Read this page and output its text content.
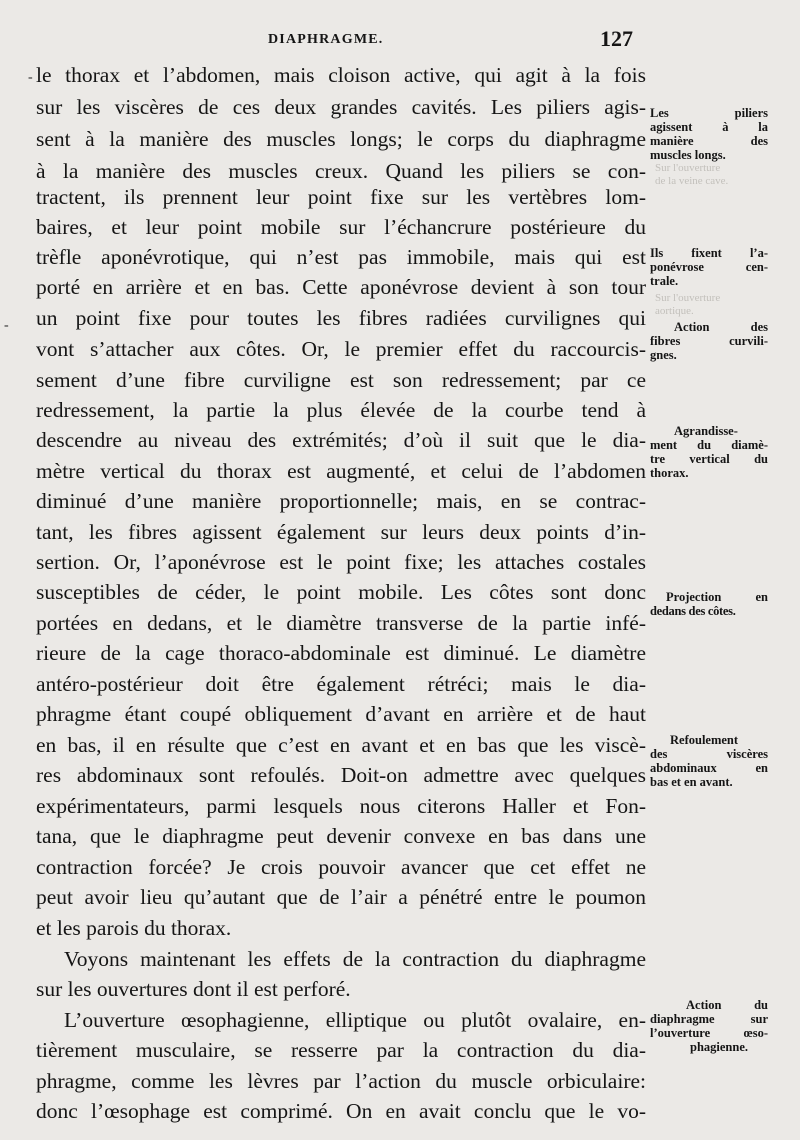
DIAPHRAGME.	127
-
-
Sur l'ouverture
de la veine cave.
Sur l'ouverture
aortique.
le thorax et l’abdomen, mais cloison active, qui agit à la fois
sur les viscères de ces deux grandes cavités. Les piliers agis-
sent à la manière des muscles longs; le corps du diaphragme
à la manière des muscles creux. Quand les piliers se con-
tractent, ils prennent leur point fixe sur les vertèbres lom-
baires, et leur point mobile sur l’échancrure postérieure du
trèfle aponévrotique, qui n’est pas immobile, mais qui est
porté en arrière et en bas. Cette aponévrose devient à son tour
un point fixe pour toutes les fibres radiées curvilignes qui
vont s’attacher aux côtes. Or, le premier effet du raccourcis-
sement d’une fibre curviligne est son redressement; par ce
redressement, la partie la plus élevée de la courbe tend à
descendre au niveau des extrémités; d’où il suit que le dia-
mètre vertical du thorax est augmenté, et celui de l’abdomen
diminué d’une manière proportionnelle; mais, en se contrac-
tant, les fibres agissent également sur leurs deux points d’in-
sertion. Or, l’aponévrose est le point fixe; les attaches costales
susceptibles de céder, le point mobile. Les côtes sont donc
portées en dedans, et le diamètre transverse de la partie infé-
rieure de la cage thoraco-abdominale est diminué. Le diamètre
antéro-postérieur doit être également rétréci; mais le dia-
phragme étant coupé obliquement d’avant en arrière et de haut
en bas, il en résulte que c’est en avant et en bas que les viscè-
res abdominaux sont refoulés. Doit-on admettre avec quelques
expérimentateurs, parmi lesquels nous citerons Haller et Fon-
tana, que le diaphragme peut devenir convexe en bas dans une
contraction forcée? Je crois pouvoir avancer que cet effet ne
peut avoir lieu qu’autant que de l’air a pénétré entre le poumon
et les parois du thorax.
Voyons maintenant les effets de la contraction du diaphragme
sur les ouvertures dont il est perforé.
L’ouverture œsophagienne, elliptique ou plutôt ovalaire, en-
tièrement musculaire, se resserre par la contraction du dia-
phragme, comme les lèvres par l’action du muscle orbiculaire:
donc l’œsophage est comprimé. On en avait conclu que le vo-
Les piliers
agissent à la
manière des
muscles longs.
Ils fixent l’a-
ponévrose cen-
trale.
Action des
fibres curvili-
gnes.
Agrandisse-
ment du diamè-
tre vertical du
thorax.
Projection en
dedans des côtes.
Refoulement
des viscères
abdominaux en
bas et en avant.
Action du
diaphragme sur
l’ouverture œso-
phagienne.
